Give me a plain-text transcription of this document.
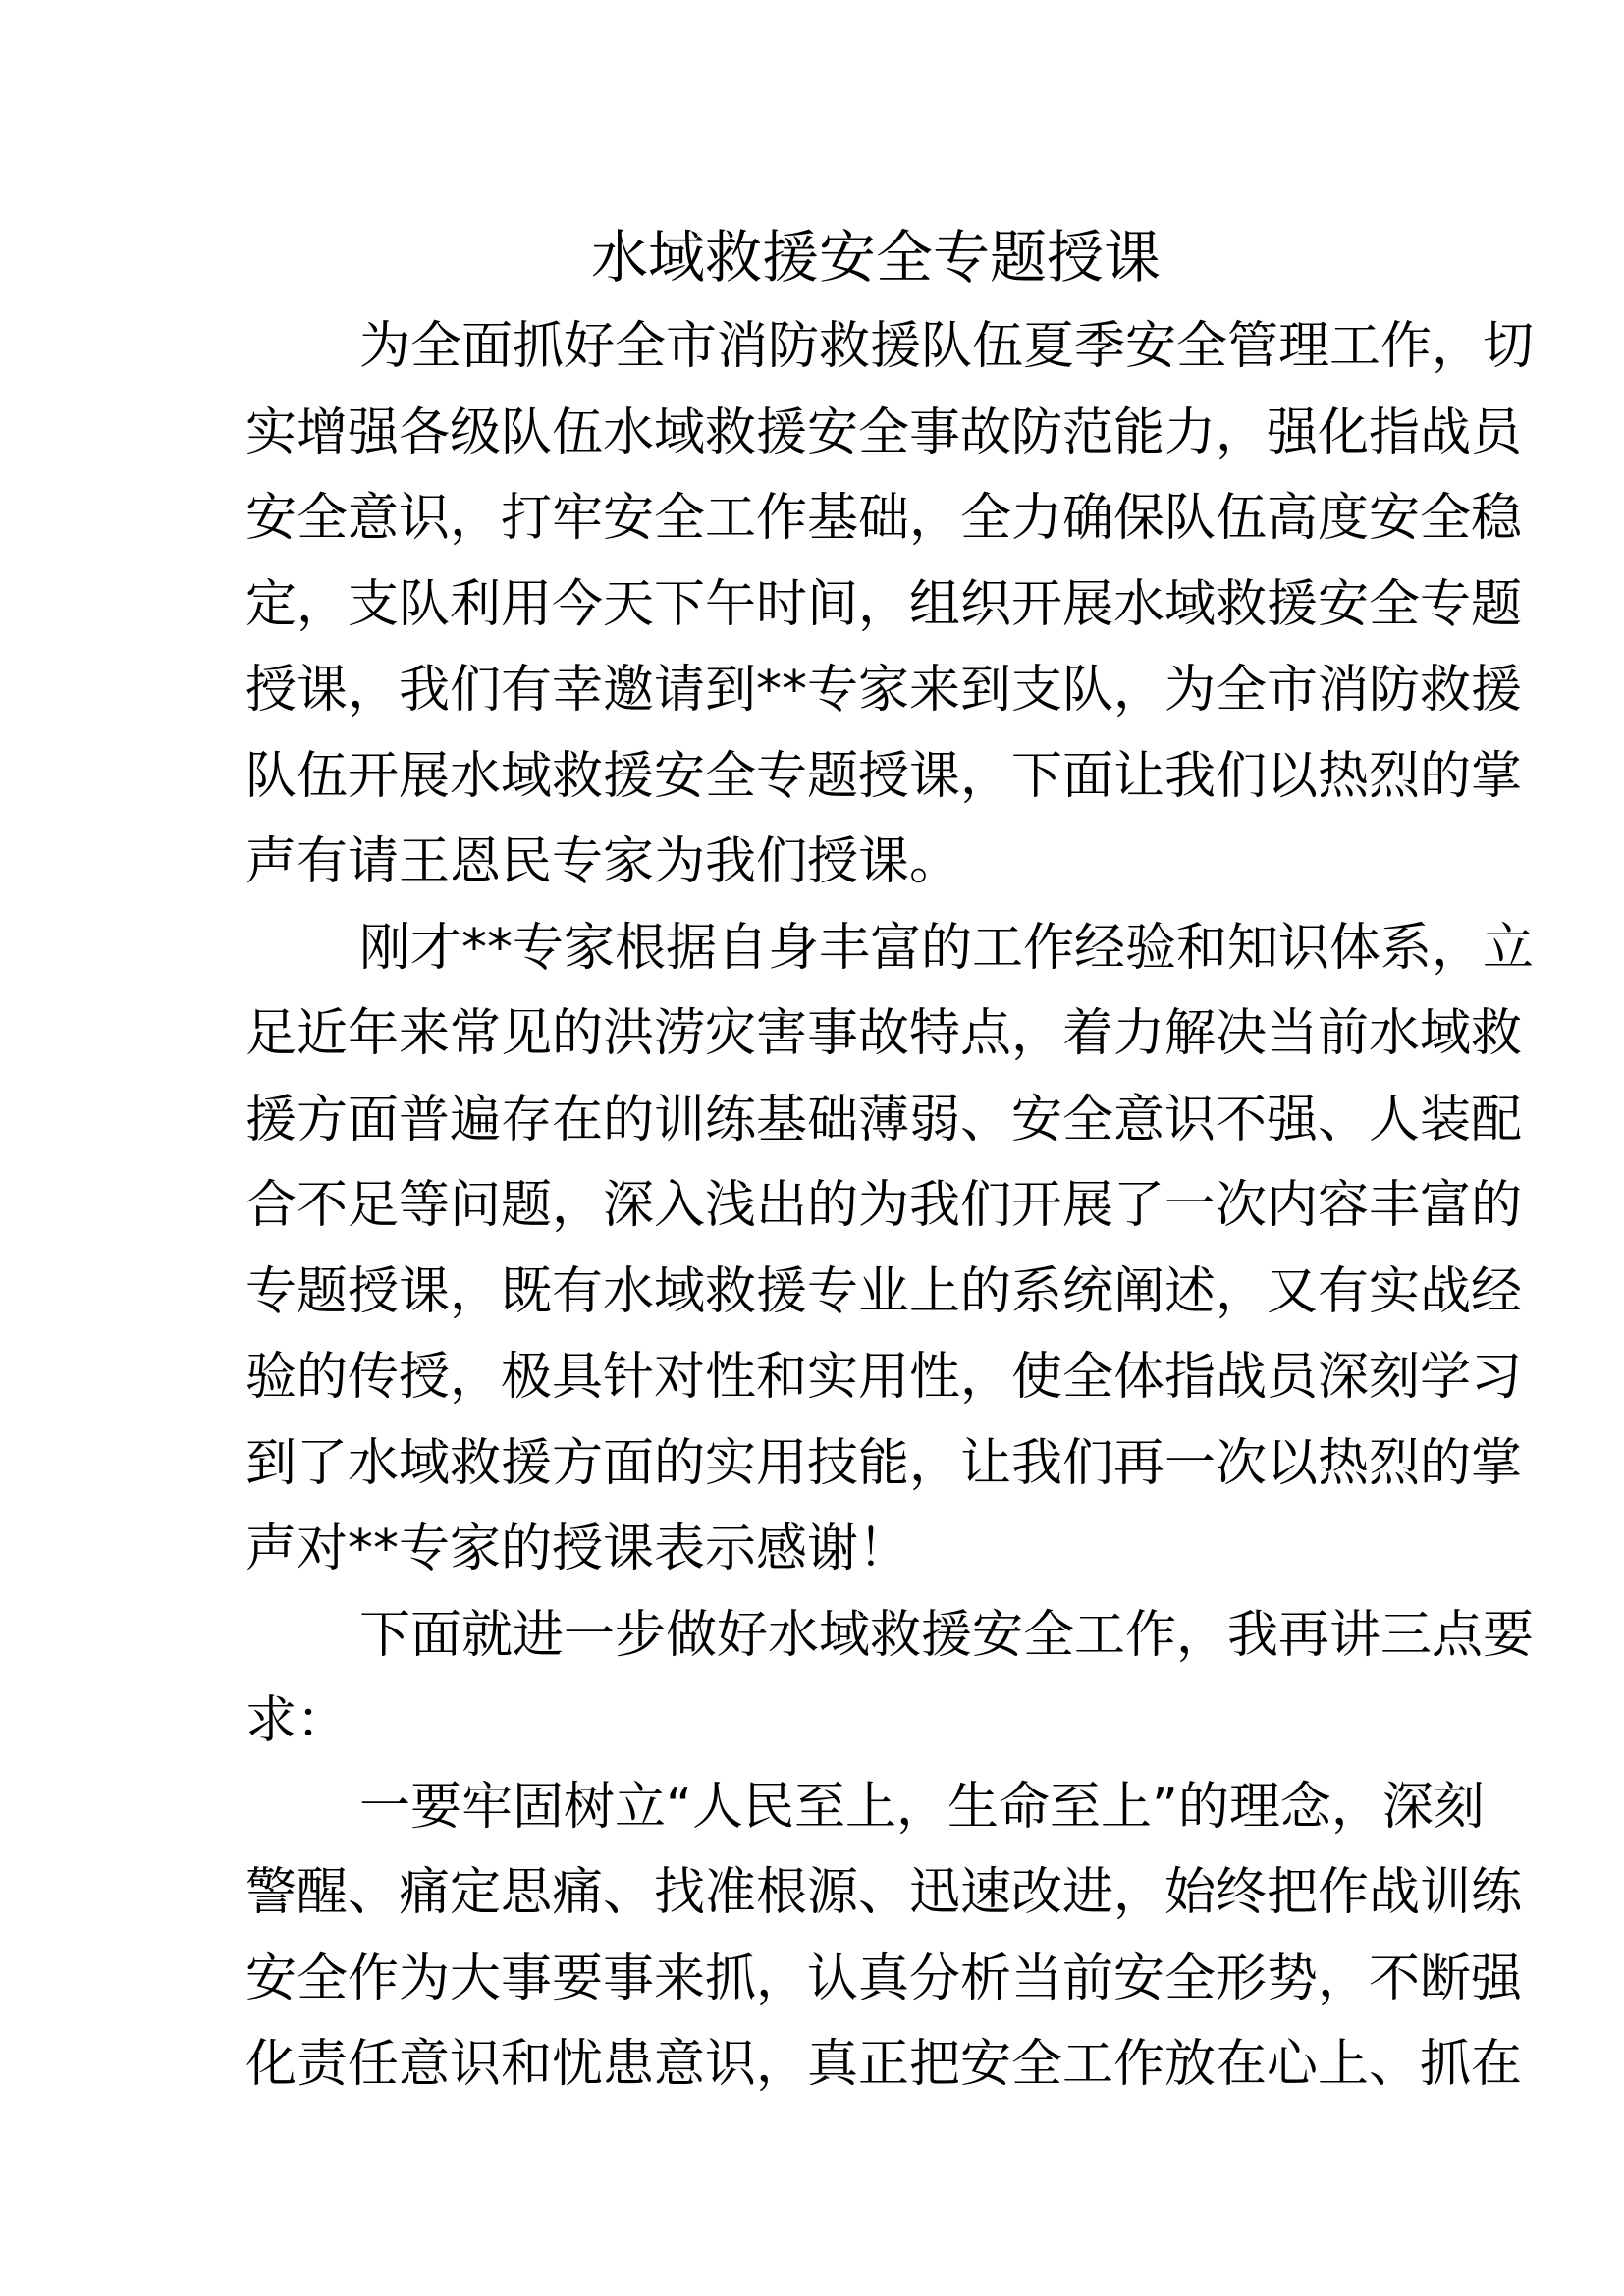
水域救援安全专题授课
为全面抓好全市消防救援队伍夏季安全管理工作，切
实增强各级队伍水域救援安全事故防范能力，强化指战员
安全意识，打牢安全工作基础，全力确保队伍高度安全稳
定，支队利用今天下午时间，组织开展水域救援安全专题
授课，我们有幸邀请到**专家来到支队，为全市消防救援
队伍开展水域救援安全专题授课，下面让我们以热烈的掌
声有请王恩民专家为我们授课。
刚才**专家根据自身丰富的工作经验和知识体系，立
足近年来常见的洪涝灾害事故特点，着力解决当前水域救
援方面普遍存在的训练基础薄弱、安全意识不强、人装配
合不足等问题，深入浅出的为我们开展了一次内容丰富的
专题授课，既有水域救援专业上的系统阐述，又有实战经
验的传授，极具针对性和实用性，使全体指战员深刻学习
到了水域救援方面的实用技能，让我们再一次以热烈的掌
声对**专家的授课表示感谢！
下面就进一步做好水域救援安全工作，我再讲三点要
求：
一要牢固树立“人民至上，生命至上”的理念，深刻
警醒、痛定思痛、找准根源、迅速改进，始终把作战训练
安全作为大事要事来抓，认真分析当前安全形势，不断强
化责任意识和忧患意识，真正把安全工作放在心上、抓在
